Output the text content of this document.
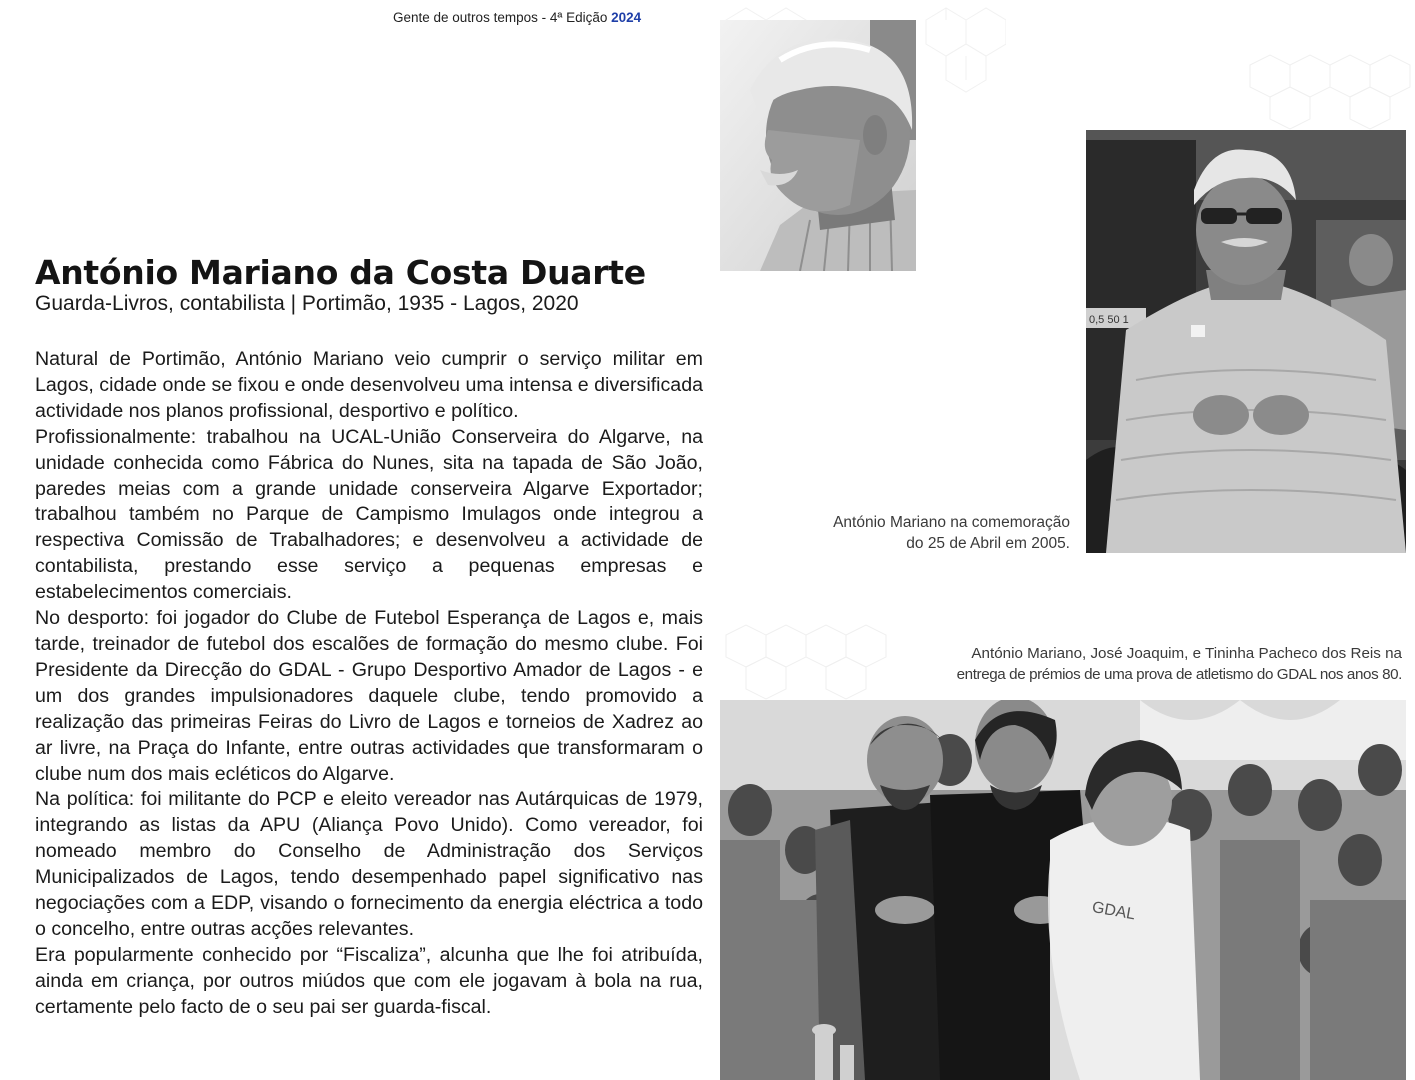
Gente de outros tempos - 4ª Edição 2024
António Mariano da Costa Duarte
Guarda-Livros, contabilista | Portimão, 1935 - Lagos, 2020

Natural de Portimão, António Mariano veio cumprir o serviço militar em Lagos, cidade onde se fixou e onde desenvolveu uma intensa e diversificada actividade nos planos profissional, desportivo e político.

Profissionalmente: trabalhou na UCAL-União Conserveira do Algarve, na unidade conhecida como Fábrica do Nunes, sita na tapada de São João, paredes meias com a grande unidade conserveira Algarve Exportador; trabalhou também no Parque de Campismo Imulagos onde integrou a respectiva Comissão de Trabalhadores; e desenvolveu a actividade de contabilista, prestando esse serviço a pequenas empresas e estabelecimentos comerciais.

No desporto: foi jogador do Clube de Futebol Esperança de Lagos e, mais tarde, treinador de futebol dos escalões de formação do mesmo clube. Foi Presidente da Direcção do GDAL - Grupo Desportivo Amador de Lagos - e um dos grandes impulsionadores daquele clube, tendo promovido a realização das primeiras Feiras do Livro de Lagos e torneios de Xadrez ao ar livre, na Praça do Infante, entre outras actividades que transformaram o clube num dos mais ecléticos do Algarve.

Na política: foi militante do PCP e eleito vereador nas Autárquicas de 1979, integrando as listas da APU (Aliança Povo Unido). Como vereador, foi nomeado membro do Conselho de Administração dos Serviços Municipalizados de Lagos, tendo desempenhado papel significativo nas negociações com a EDP, visando o fornecimento da energia eléctrica a todo o concelho, entre outras acções relevantes.

Era popularmente conhecido por “Fiscaliza”, alcunha que lhe foi atribuída, ainda em criança, por outros miúdos que com ele jogavam à bola na rua, certamente pelo facto de o seu pai ser guarda-fiscal.

0,5 50 1

António Mariano na comemoração

do 25 de Abril em 2005.

António Mariano, José Joaquim, e Tininha Pacheco dos Reis na

entrega de prémios de uma prova de atletismo do GDAL nos anos 80.

GDAL
